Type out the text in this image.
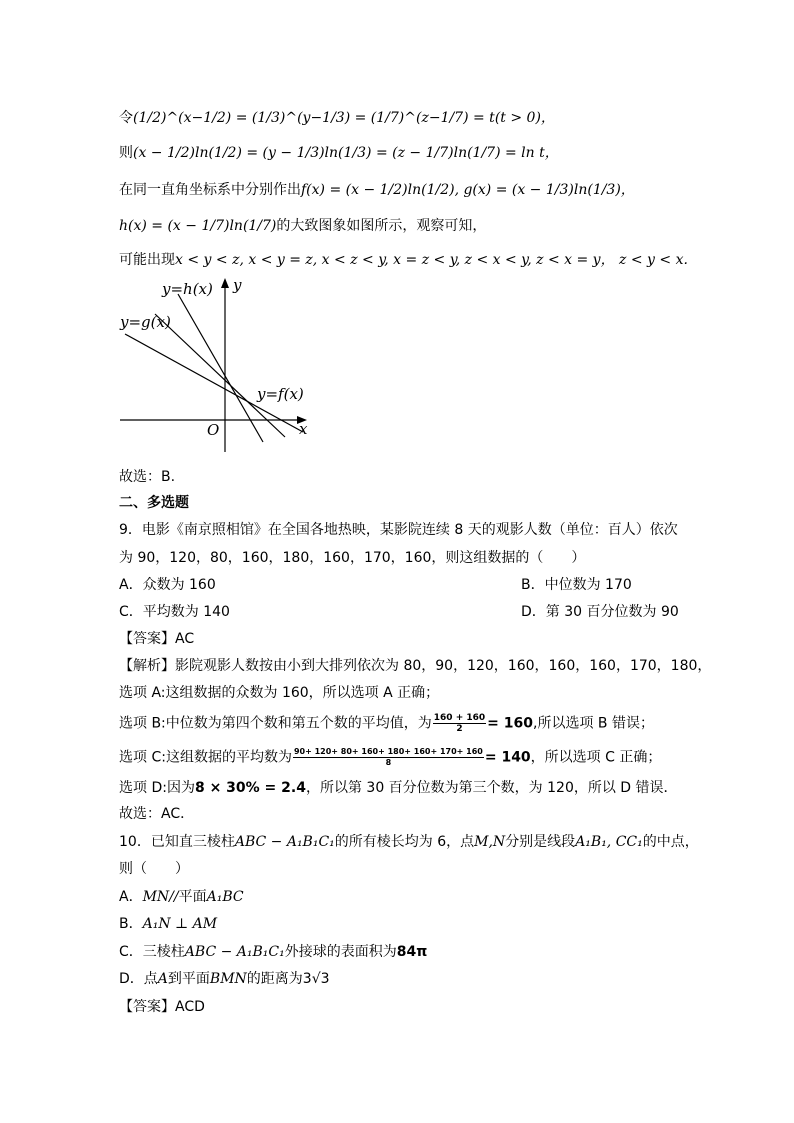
令(1/2)^(x−1/2) = (1/3)^(y−1/3) = (1/7)^(z−1/7) = t(t > 0)，
则(x − 1/2)ln(1/2) = (y − 1/3)ln(1/3) = (z − 1/7)ln(1/7) = ln t，
在同一直角坐标系中分别作出f(x) = (x − 1/2)ln(1/2), g(x) = (x − 1/3)ln(1/3)，
h(x) = (x − 1/7)ln(1/7)的大致图象如图所示，观察可知，
可能出现x < y < z, x < y = z, x < z < y, x = z < y, z < x < y, z < x = y， z < y < x.
y=h(x)
y=g(x)
y=f(x)
y
x
O
故选：B.
二、多选题
9．电影《南京照相馆》在全国各地热映，某影院连续 8 天的观影人数（单位：百人）依次
为 90，120，80，160，180，160，170，160，则这组数据的（　　）
A．众数为 160	B．中位数为 170
C．平均数为 140	D．第 30 百分位数为 90
【答案】AC
【解析】影院观影人数按由小到大排列依次为 80，90，120，160，160，160，170，180，
选项 A:这组数据的众数为 160，所以选项 A 正确；
选项 B:中位数为第四个数和第五个数的平均值，为 $\frac{160 + 160}{2} = 160$,所以选项 B 错误；
选项 C:这组数据的平均数为 $\frac{90+ 120+ 80+ 160+ 180+ 160+ 170+ 160}{8} = 140$，所以选项 C 正确；
选项 D:因为8 × 30% = 2.4，所以第 30 百分位数为第三个数，为 120，所以 D 错误．
故选：AC．
10．已知直三棱柱ABC − A₁B₁C₁的所有棱长均为 6，点M,N分别是线段A₁B₁, CC₁的中点，
则（　　）
A．MN//平面A₁BC
B．A₁N ⊥ AM
C．三棱柱ABC − A₁B₁C₁外接球的表面积为84π
D．点A到平面BMN的距离为3√3
【答案】ACD
